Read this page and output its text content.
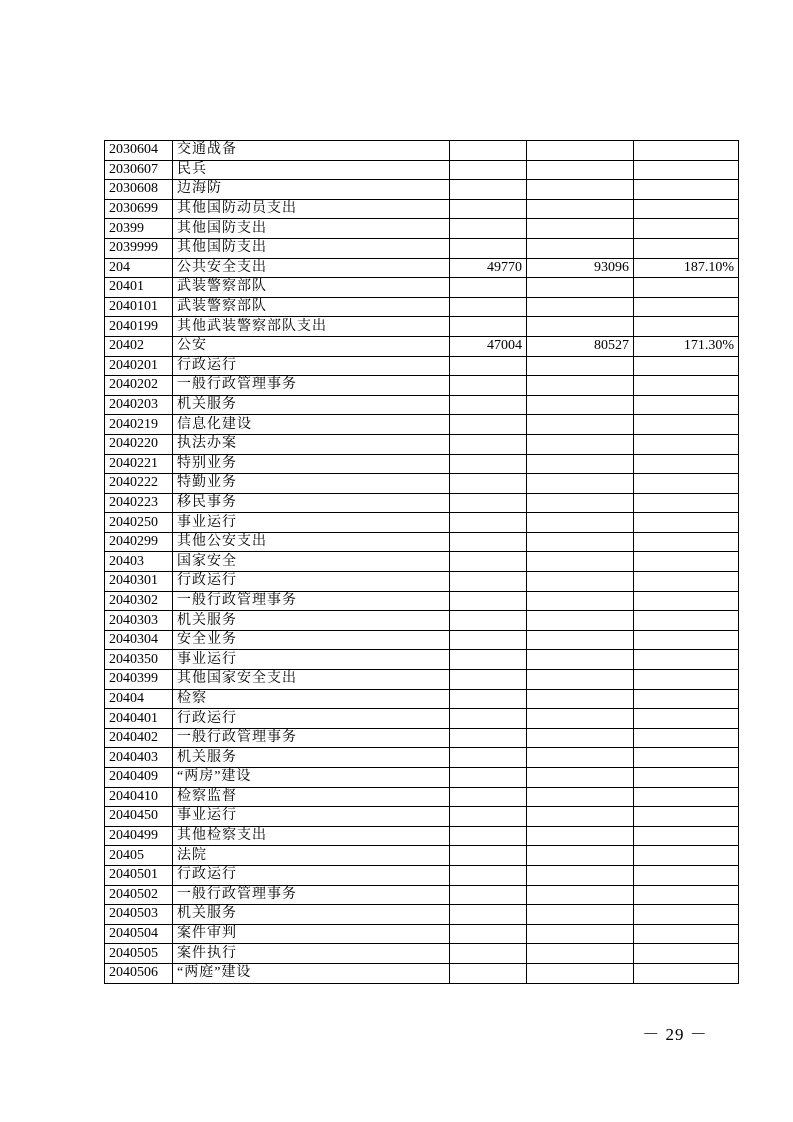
2030604	交通战备			
2030607	民兵			
2030608	边海防			
2030699	其他国防动员支出			
20399	其他国防支出			
2039999	其他国防支出			
204	公共安全支出	49770	93096	187.10%
20401	武装警察部队			
2040101	武装警察部队			
2040199	其他武装警察部队支出			
20402	公安	47004	80527	171.30%
2040201	行政运行			
2040202	一般行政管理事务			
2040203	机关服务			
2040219	信息化建设			
2040220	执法办案			
2040221	特别业务			
2040222	特勤业务			
2040223	移民事务			
2040250	事业运行			
2040299	其他公安支出			
20403	国家安全			
2040301	行政运行			
2040302	一般行政管理事务			
2040303	机关服务			
2040304	安全业务			
2040350	事业运行			
2040399	其他国家安全支出			
20404	检察			
2040401	行政运行			
2040402	一般行政管理事务			
2040403	机关服务			
2040409	“两房”建设			
2040410	检察监督			
2040450	事业运行			
2040499	其他检察支出			
20405	法院			
2040501	行政运行			
2040502	一般行政管理事务			
2040503	机关服务			
2040504	案件审判			
2040505	案件执行			
2040506	“两庭”建设			
－ 29 －
